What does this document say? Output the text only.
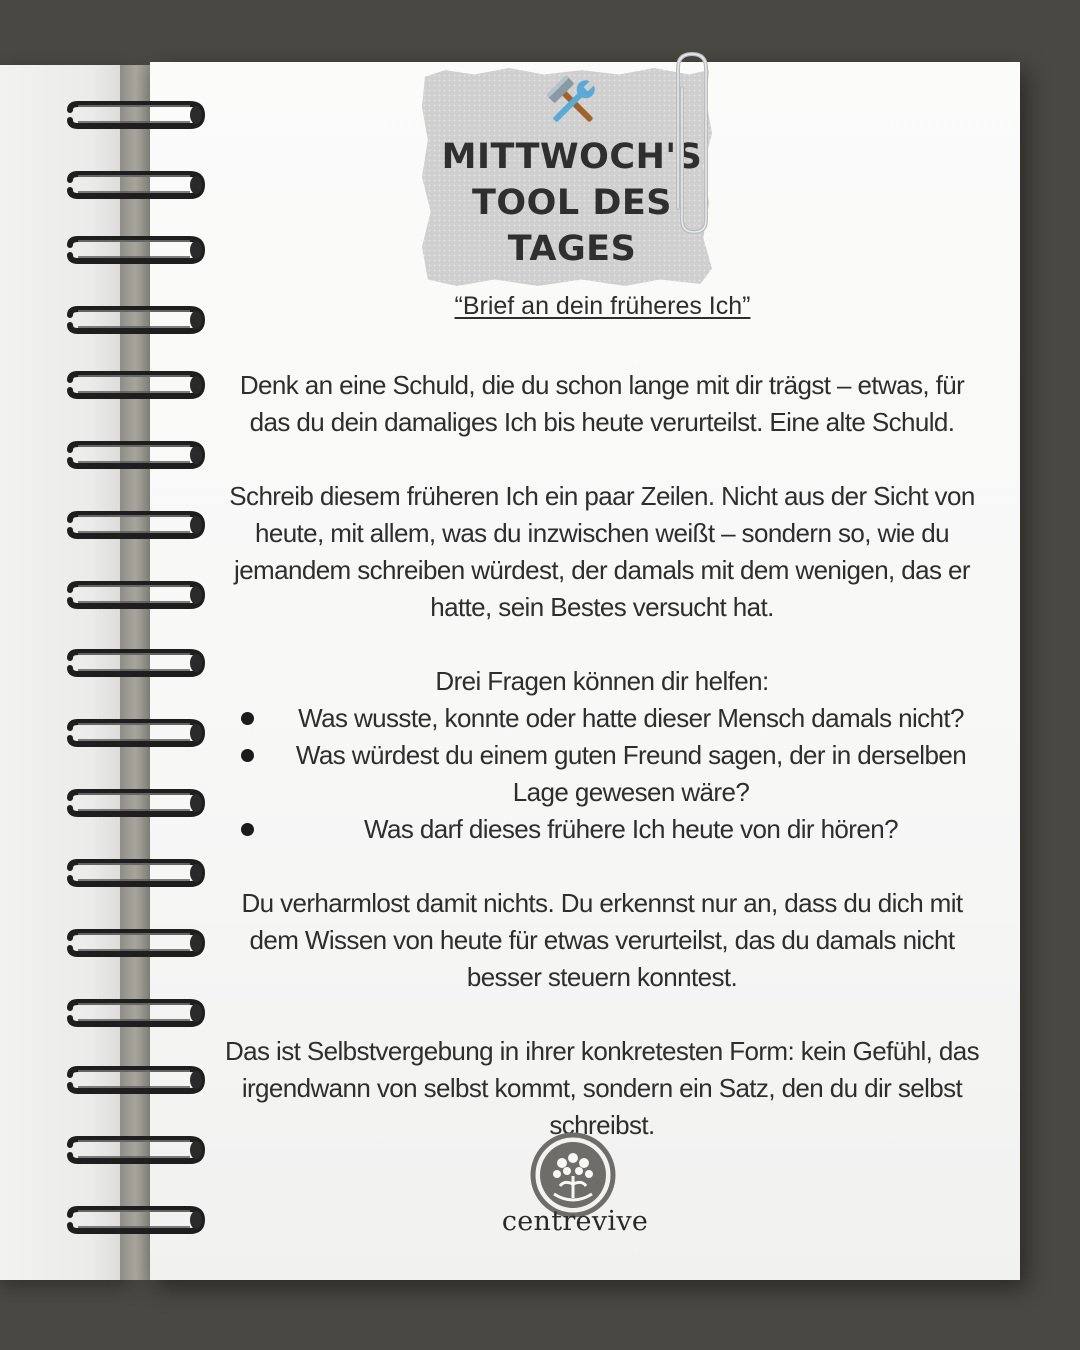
MITTWOCH'S
TOOL DES
TAGES
“Brief an dein früheres Ich”
Denk an eine Schuld, die du schon lange mit dir trägst – etwas, für das du dein damaliges Ich bis heute verurteilst. Eine alte Schuld.
Schreib diesem früheren Ich ein paar Zeilen. Nicht aus der Sicht von heute, mit allem, was du inzwischen weißt – sondern so, wie du jemandem schreiben würdest, der damals mit dem wenigen, das er hatte, sein Bestes versucht hat.
Drei Fragen können dir helfen:
Was wusste, konnte oder hatte dieser Mensch damals nicht?
Was würdest du einem guten Freund sagen, der in derselben Lage gewesen wäre?
Was darf dieses frühere Ich heute von dir hören?
Du verharmlost damit nichts. Du erkennst nur an, dass du dich mit dem Wissen von heute für etwas verurteilst, das du damals nicht besser steuern konntest.
Das ist Selbstvergebung in ihrer konkretesten Form: kein Gefühl, das irgendwann von selbst kommt, sondern ein Satz, den du dir selbst schreibst.
centrevive
